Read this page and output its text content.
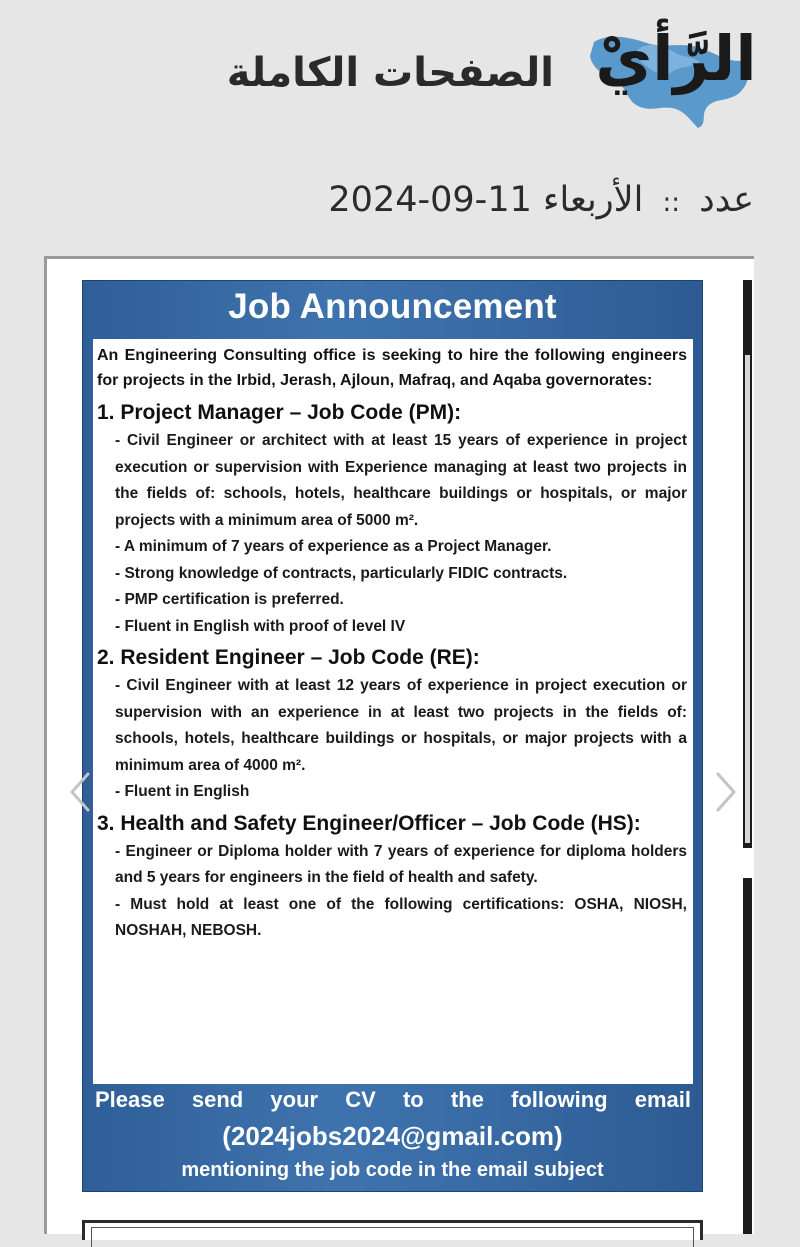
الرَّأيْ
الصفحات الكاملة
عدد :: الأربعاء 11-09-2024
Job Announcement

An Engineering Consulting office is seeking to hire the following engineers for projects in the Irbid, Jerash, Ajloun, Mafraq, and Aqaba governorates:

1. Project Manager – Job Code (PM):

- Civil Engineer or architect with at least 15 years of experience in project execution or supervision with Experience managing at least two projects in the fields of: schools, hotels, healthcare buildings or hospitals, or major projects with a minimum area of 5000 m².

- A minimum of 7 years of experience as a Project Manager.

- Strong knowledge of contracts, particularly FIDIC contracts.

- PMP certification is preferred.

- Fluent in English with proof of level IV

2. Resident Engineer – Job Code (RE):

- Civil Engineer with at least 12 years of experience in project execution or supervision with an experience in at least two projects in the fields of: schools, hotels, healthcare buildings or hospitals, or major projects with a minimum area of 4000 m².

- Fluent in English

3. Health and Safety Engineer/Officer – Job Code (HS):

- Engineer or Diploma holder with 7 years of experience for diploma holders and 5 years for engineers in the field of health and safety.

- Must hold at least one of the following certifications: OSHA, NIOSH, NOSHAH, NEBOSH.

Please send your CV to the following email
(2024jobs2024@gmail.com)
mentioning the job code in the email subject
